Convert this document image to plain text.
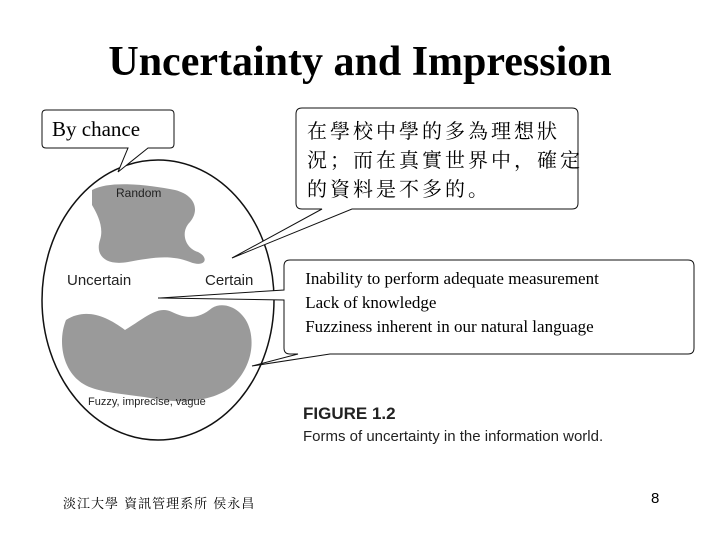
Uncertainty and Impression
By chance	在學校中學的多為理想狀況；而在真實世界中，確定的資料是不多的。
 Inability to perform adequate measurement
 Lack of knowledge
 Fuzziness inherent in our natural language
Random
Uncertain	Certain
Fuzzy, imprecise, vague
FIGURE 1.2
Forms of uncertainty in the information world.
淡江大學 資訊管理系所 侯永昌	8
